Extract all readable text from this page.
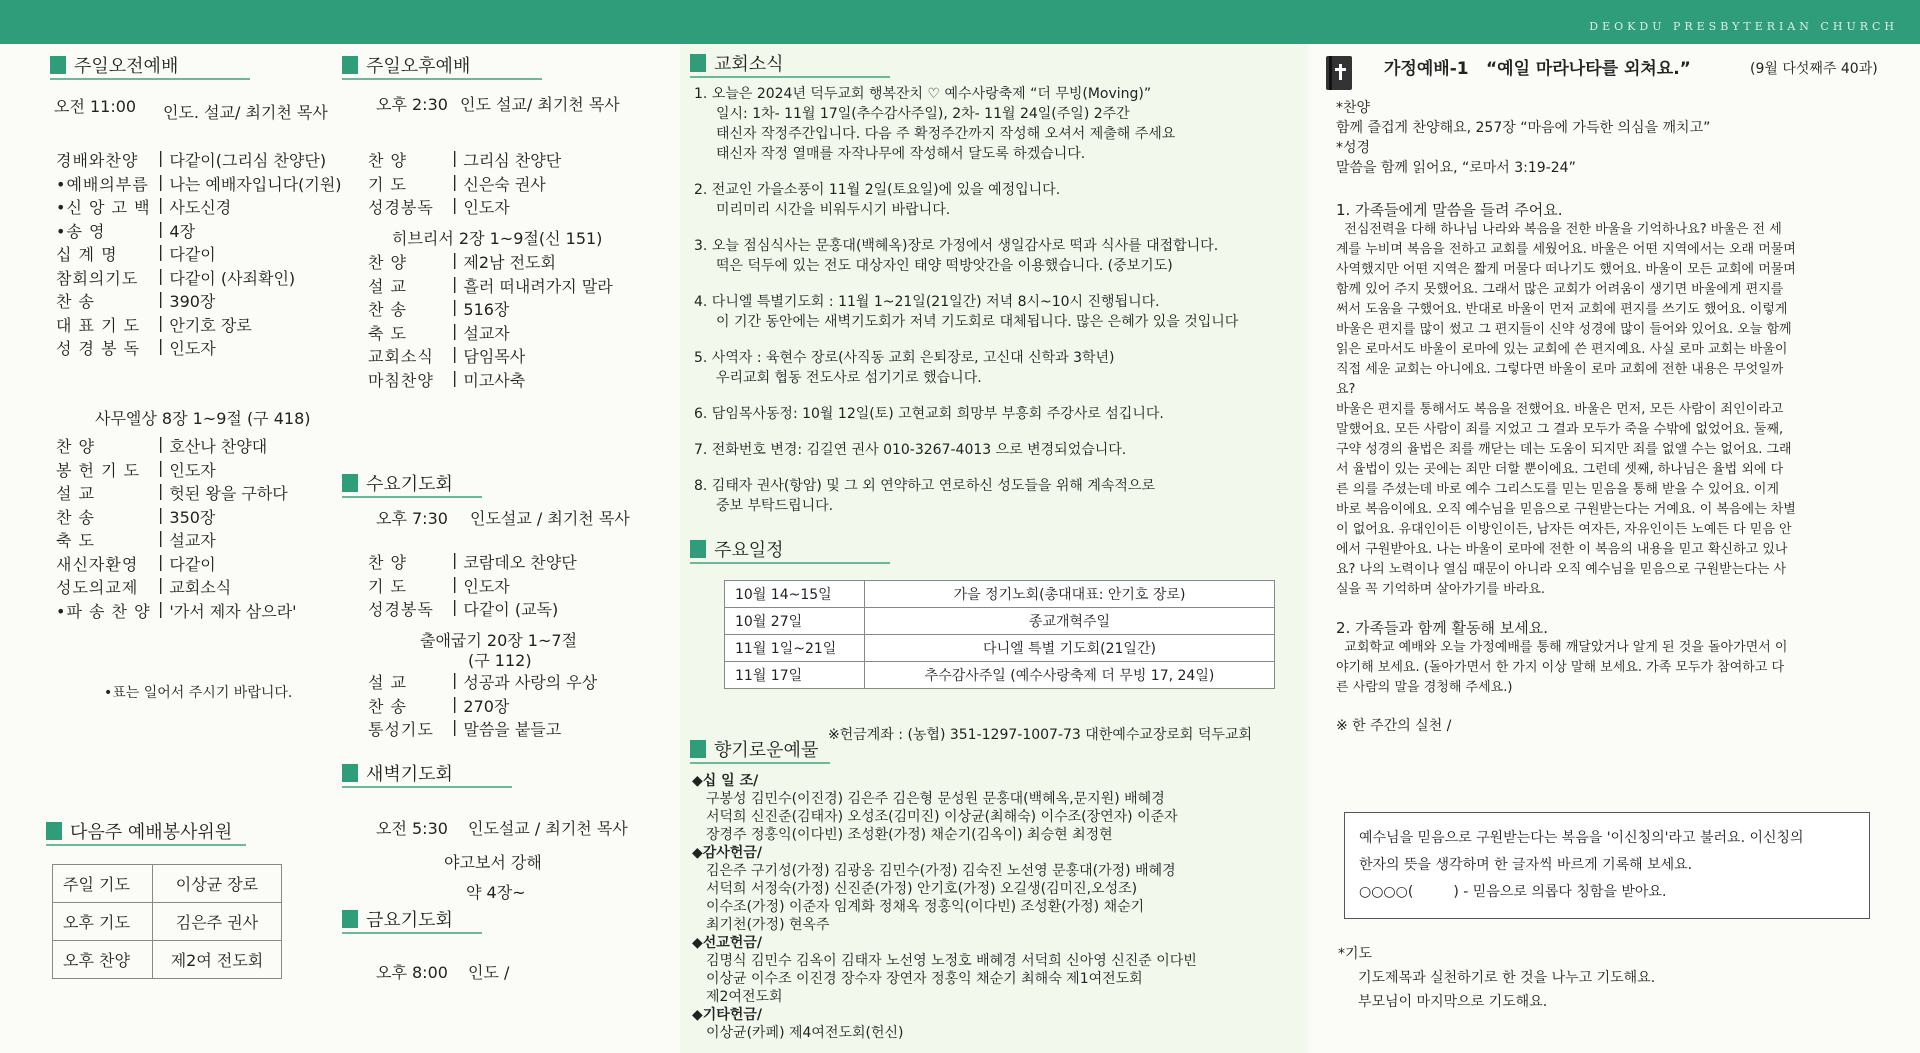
DEOKDU PRESBYTERIAN CHURCH
주일오전예배
오전 11:00 인도. 설교/ 최기천 목사
경배와찬양	| 다같이(그리심 찬양단)
•예배의부름 | 나는 예배자입니다(기원)
•신 앙 고 백 | 사도신경
•송 영	| 4장
십 계 명	| 다같이
참회의기도	| 다같이 (사죄확인)
찬 송	| 390장
대 표 기 도	| 안기호 장로
성 경 봉 독	| 인도자
사무엘상 8장 1~9절 (구 418)
찬 양	| 호산나 찬양대
봉 헌 기 도	| 인도자
설 교	| 헛된 왕을 구하다
찬 송	| 350장
축 도	| 설교자
새신자환영	| 다같이
성도의교제	| 교회소식
•파 송 찬 양 | '가서 제자 삼으라'
•표는 일어서 주시기 바랍니다.
다음주 예배봉사위원
주일 기도	이상균 장로
오후 기도	김은주 권사
오후 찬양	제2여 전도회
주일오후예배
오후 2:30 인도 설교/ 최기천 목사
찬 양	| 그리심 찬양단
기 도	| 신은숙 권사
성경봉독	| 인도자
히브리서 2장 1~9절(신 151)
찬 양	| 제2남 전도회
설 교	| 흘러 떠내려가지 말라
찬 송	| 516장
축 도	| 설교자
교회소식	| 담임목사
마침찬양	| 미고사축
수요기도회
오후 7:30 인도설교 / 최기천 목사
찬 양	| 코람데오 찬양단
기 도	| 인도자
성경봉독	| 다같이 (교독)
출애굽기 20장 1~7절
(구 112)
설 교	| 성공과 사랑의 우상
찬 송	| 270장
통성기도	| 말씀을 붙들고
새벽기도회
오전 5:30 인도설교 / 최기천 목사
야고보서 강해
약 4장~
금요기도회
오후 8:00 인도 /
교회소식
1. 오늘은 2024년 덕두교회 행복잔치 ♡ 예수사랑축제 “더 무빙(Moving)”
일시: 1차- 11월 17일(추수감사주일), 2차- 11월 24일(주일) 2주간
태신자 작정주간입니다. 다음 주 확정주간까지 작성해 오셔서 제출해 주세요
태신자 작정 열매를 자작나무에 작성해서 달도록 하겠습니다.
2. 전교인 가을소풍이 11월 2일(토요일)에 있을 예정입니다.
미리미리 시간을 비워두시기 바랍니다.
3. 오늘 점심식사는 문홍대(백혜옥)장로 가정에서 생일감사로 떡과 식사를 대접합니다.
떡은 덕두에 있는 전도 대상자인 태양 떡방앗간을 이용했습니다. (중보기도)
4. 다니엘 특별기도회 : 11월 1~21일(21일간) 저녁 8시~10시 진행됩니다.
이 기간 동안에는 새벽기도회가 저녁 기도회로 대체됩니다. 많은 은혜가 있을 것입니다
5. 사역자 : 육현수 장로(사직동 교회 은퇴장로, 고신대 신학과 3학년)
우리교회 협동 전도사로 섬기기로 했습니다.
6. 담임목사동정: 10월 12일(토) 고현교회 희망부 부흥회 주강사로 섬깁니다.
7. 전화번호 변경: 김길연 권사 010-3267-4013 으로 변경되었습니다.
8. 김태자 권사(항암) 및 그 외 연약하고 연로하신 성도들을 위해 계속적으로
중보 부탁드립니다.
주요일정
10월 14~15일	가을 정기노회(총대대표: 안기호 장로)
10월 27일	종교개혁주일
11월 1일~21일	다니엘 특별 기도회(21일간)
11월 17일	추수감사주일 (예수사랑축제 더 무빙 17, 24일)
※헌금계좌 : (농협) 351-1297-1007-73 대한예수교장로회 덕두교회
향기로운예물
◆십 일 조/
구봉성 김민수(이진경) 김은주 김은형 문성원 문홍대(백혜옥,문지원) 배혜경
서덕희 신진준(김태자) 오성조(김미진) 이상균(최해숙) 이수조(장연자) 이준자
장경주 정홍익(이다빈) 조성환(가정) 채순기(김옥이) 최승현 최정현
◆감사헌금/
김은주 구기성(가정) 김광옹 김민수(가정) 김숙진 노선영 문홍대(가정) 배혜경
서덕희 서정숙(가정) 신진준(가정) 안기호(가정) 오길생(김미진,오성조)
이수조(가정) 이준자 임계화 정채옥 정홍익(이다빈) 조성환(가정) 채순기
최기천(가정) 현옥주
◆선교헌금/
김명식 김민수 김옥이 김태자 노선영 노정호 배혜경 서덕희 신아영 신진준 이다빈
이상균 이수조 이진경 장수자 장연자 정홍익 채순기 최해숙 제1여전도회
제2여전도회
◆기타헌금/
이상균(카페) 제4여전도회(헌신)
가정예배-1 “예일 마라나타를 외쳐요.”	(9월 다섯째주 40과)
*찬양
함께 즐겁게 찬양해요, 257장 “마음에 가득한 의심을 깨치고”
*성경
말씀을 함께 읽어요, “로마서 3:19-24”
1. 가족들에게 말씀을 들려 주어요.
전심전력을 다해 하나님 나라와 복음을 전한 바울을 기억하나요? 바울은 전 세
계를 누비며 복음을 전하고 교회를 세웠어요. 바울은 어떤 지역에서는 오래 머물며
사역했지만 어떤 지역은 짧게 머물다 떠나기도 했어요. 바울이 모든 교회에 머물며
함께 있어 주지 못했어요. 그래서 많은 교회가 어려움이 생기면 바울에게 편지를
써서 도움을 구했어요. 반대로 바울이 먼저 교회에 편지를 쓰기도 했어요. 이렇게
바울은 편지를 많이 썼고 그 편지들이 신약 성경에 많이 들어와 있어요. 오늘 함께
읽은 로마서도 바울이 로마에 있는 교회에 쓴 편지예요. 사실 로마 교회는 바울이
직접 세운 교회는 아니에요. 그렇다면 바울이 로마 교회에 전한 내용은 무엇일까
요?
바울은 편지를 통해서도 복음을 전했어요. 바울은 먼저, 모든 사람이 죄인이라고
말했어요. 모든 사람이 죄를 지었고 그 결과 모두가 죽을 수밖에 없었어요. 둘째,
구약 성경의 율법은 죄를 깨닫는 데는 도움이 되지만 죄를 없앨 수는 없어요. 그래
서 율법이 있는 곳에는 죄만 더할 뿐이에요. 그런데 셋째, 하나님은 율법 외에 다
른 의를 주셨는데 바로 예수 그리스도를 믿는 믿음을 통해 받을 수 있어요. 이게
바로 복음이에요. 오직 예수님을 믿음으로 구원받는다는 거예요. 이 복음에는 차별
이 없어요. 유대인이든 이방인이든, 남자든 여자든, 자유인이든 노예든 다 믿음 안
에서 구원받아요. 나는 바울이 로마에 전한 이 복음의 내용을 믿고 확신하고 있나
요? 나의 노력이나 열심 때문이 아니라 오직 예수님을 믿음으로 구원받는다는 사
실을 꼭 기억하며 살아가기를 바라요.
2. 가족들과 함께 활동해 보세요.
교회학교 예배와 오늘 가정예배를 통해 깨달았거나 알게 된 것을 돌아가면서 이
야기해 보세요. (돌아가면서 한 가지 이상 말해 보세요. 가족 모두가 참여하고 다
른 사람의 말을 경청해 주세요.)
※ 한 주간의 실천 /
예수님을 믿음으로 구원받는다는 복음을 '이신칭의'라고 불러요. 이신칭의
한자의 뜻을 생각하며 한 글자씩 바르게 기록해 보세요.
○○○○(         ) - 믿음으로 의롭다 칭함을 받아요.
*기도
기도제목과 실천하기로 한 것을 나누고 기도해요.
부모님이 마지막으로 기도해요.
